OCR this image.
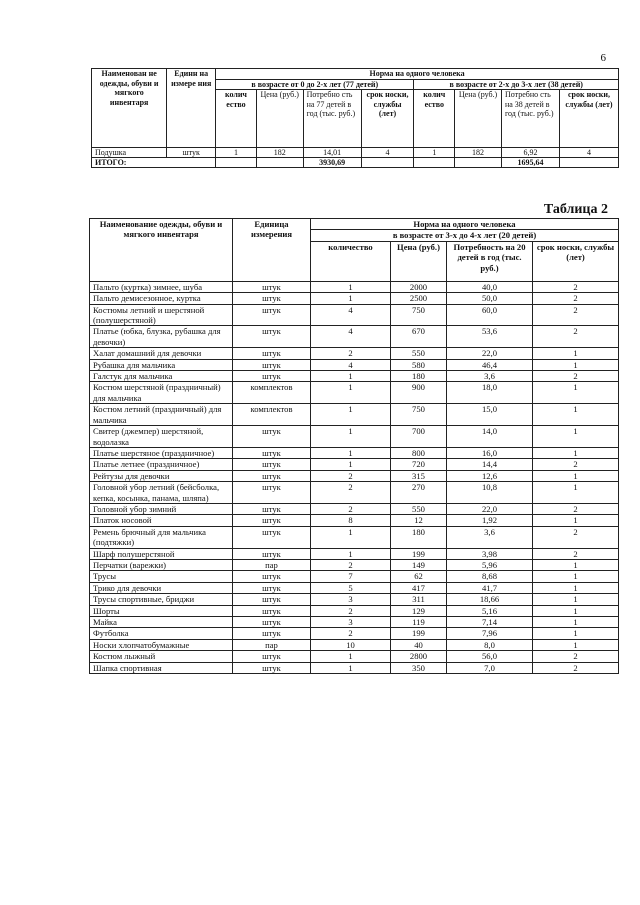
6
Наименован не одежды, обуви и мягкого инвентаря	Единн на измере ния	Норма на одного человека							
		в возрасте от 0 до 2-х лет (77 детей)				в возрасте от 2-х до 3-х лет (38 детей)			
		колич ество	Цена (руб.)	Потребно сть на 77 детей в год (тыс. руб.)	срок носки, службы (лет)	колич ество	Цена (руб.)	Потребно сть на 38 детей в год (тыс. руб.)	срок носки, службы (лет)
Подушка	штук	1	182	14,01	4	1	182	6,92	4
ИТОГО:				3930,69				1695,64	
Таблица 2
Наименование одежды, обуви и мягкого инвентаря	Единица измерения	Норма на одного человека			
		в возрасте от 3-х до 4-х лет (20 детей)			
		количество	Цена (руб.)	Потребность на 20 детей в год (тыс. руб.)	срок носки, службы (лет)
Пальто (куртка) зимнее, шуба	штук	1	2000	40,0	2
Пальто демисезонное, куртка	штук	1	2500	50,0	2
Костюмы летний и шерстяной (полушерстяной)	штук	4	750	60,0	2
Платье (юбка, блузка, рубашка для девочки)	штук	4	670	53,6	2
Халат домашний для девочки	штук	2	550	22,0	1
Рубашка для мальчика	штук	4	580	46,4	1
Галстук для мальчика	штук	1	180	3,6	2
Костюм шерстяной (праздничный) для мальчика	комплектов	1	900	18,0	1
Костюм летний (праздничный) для мальчика	комплектов	1	750	15,0	1
Свитер (джемпер) шерстяной, водолазка	штук	1	700	14,0	1
Платье шерстяное (праздничное)	штук	1	800	16,0	1
Платье летнее (праздничное)	штук	1	720	14,4	2
Рейтузы для девочки	штук	2	315	12,6	1
Головной убор летний (бейсболка, кепка, косынка, панама, шляпа)	штук	2	270	10,8	1
Головной убор зимний	штук	2	550	22,0	2
Платок носовой	штук	8	12	1,92	1
Ремень брючный для мальчика (подтяжки)	штук	1	180	3,6	2
Шарф полушерстяной	штук	1	199	3,98	2
Перчатки (варежки)	пар	2	149	5,96	1
Трусы	штук	7	62	8,68	1
Трико для девочки	штук	5	417	41,7	1
Трусы спортивные, бриджи	штук	3	311	18,66	1
Шорты	штук	2	129	5,16	1
Майка	штук	3	119	7,14	1
Футболка	штук	2	199	7,96	1
Носки хлопчатобумажные	пар	10	40	8,0	1
Костюм лыжный	штук	1	2800	56,0	2
Шапка спортивная	штук	1	350	7,0	2
